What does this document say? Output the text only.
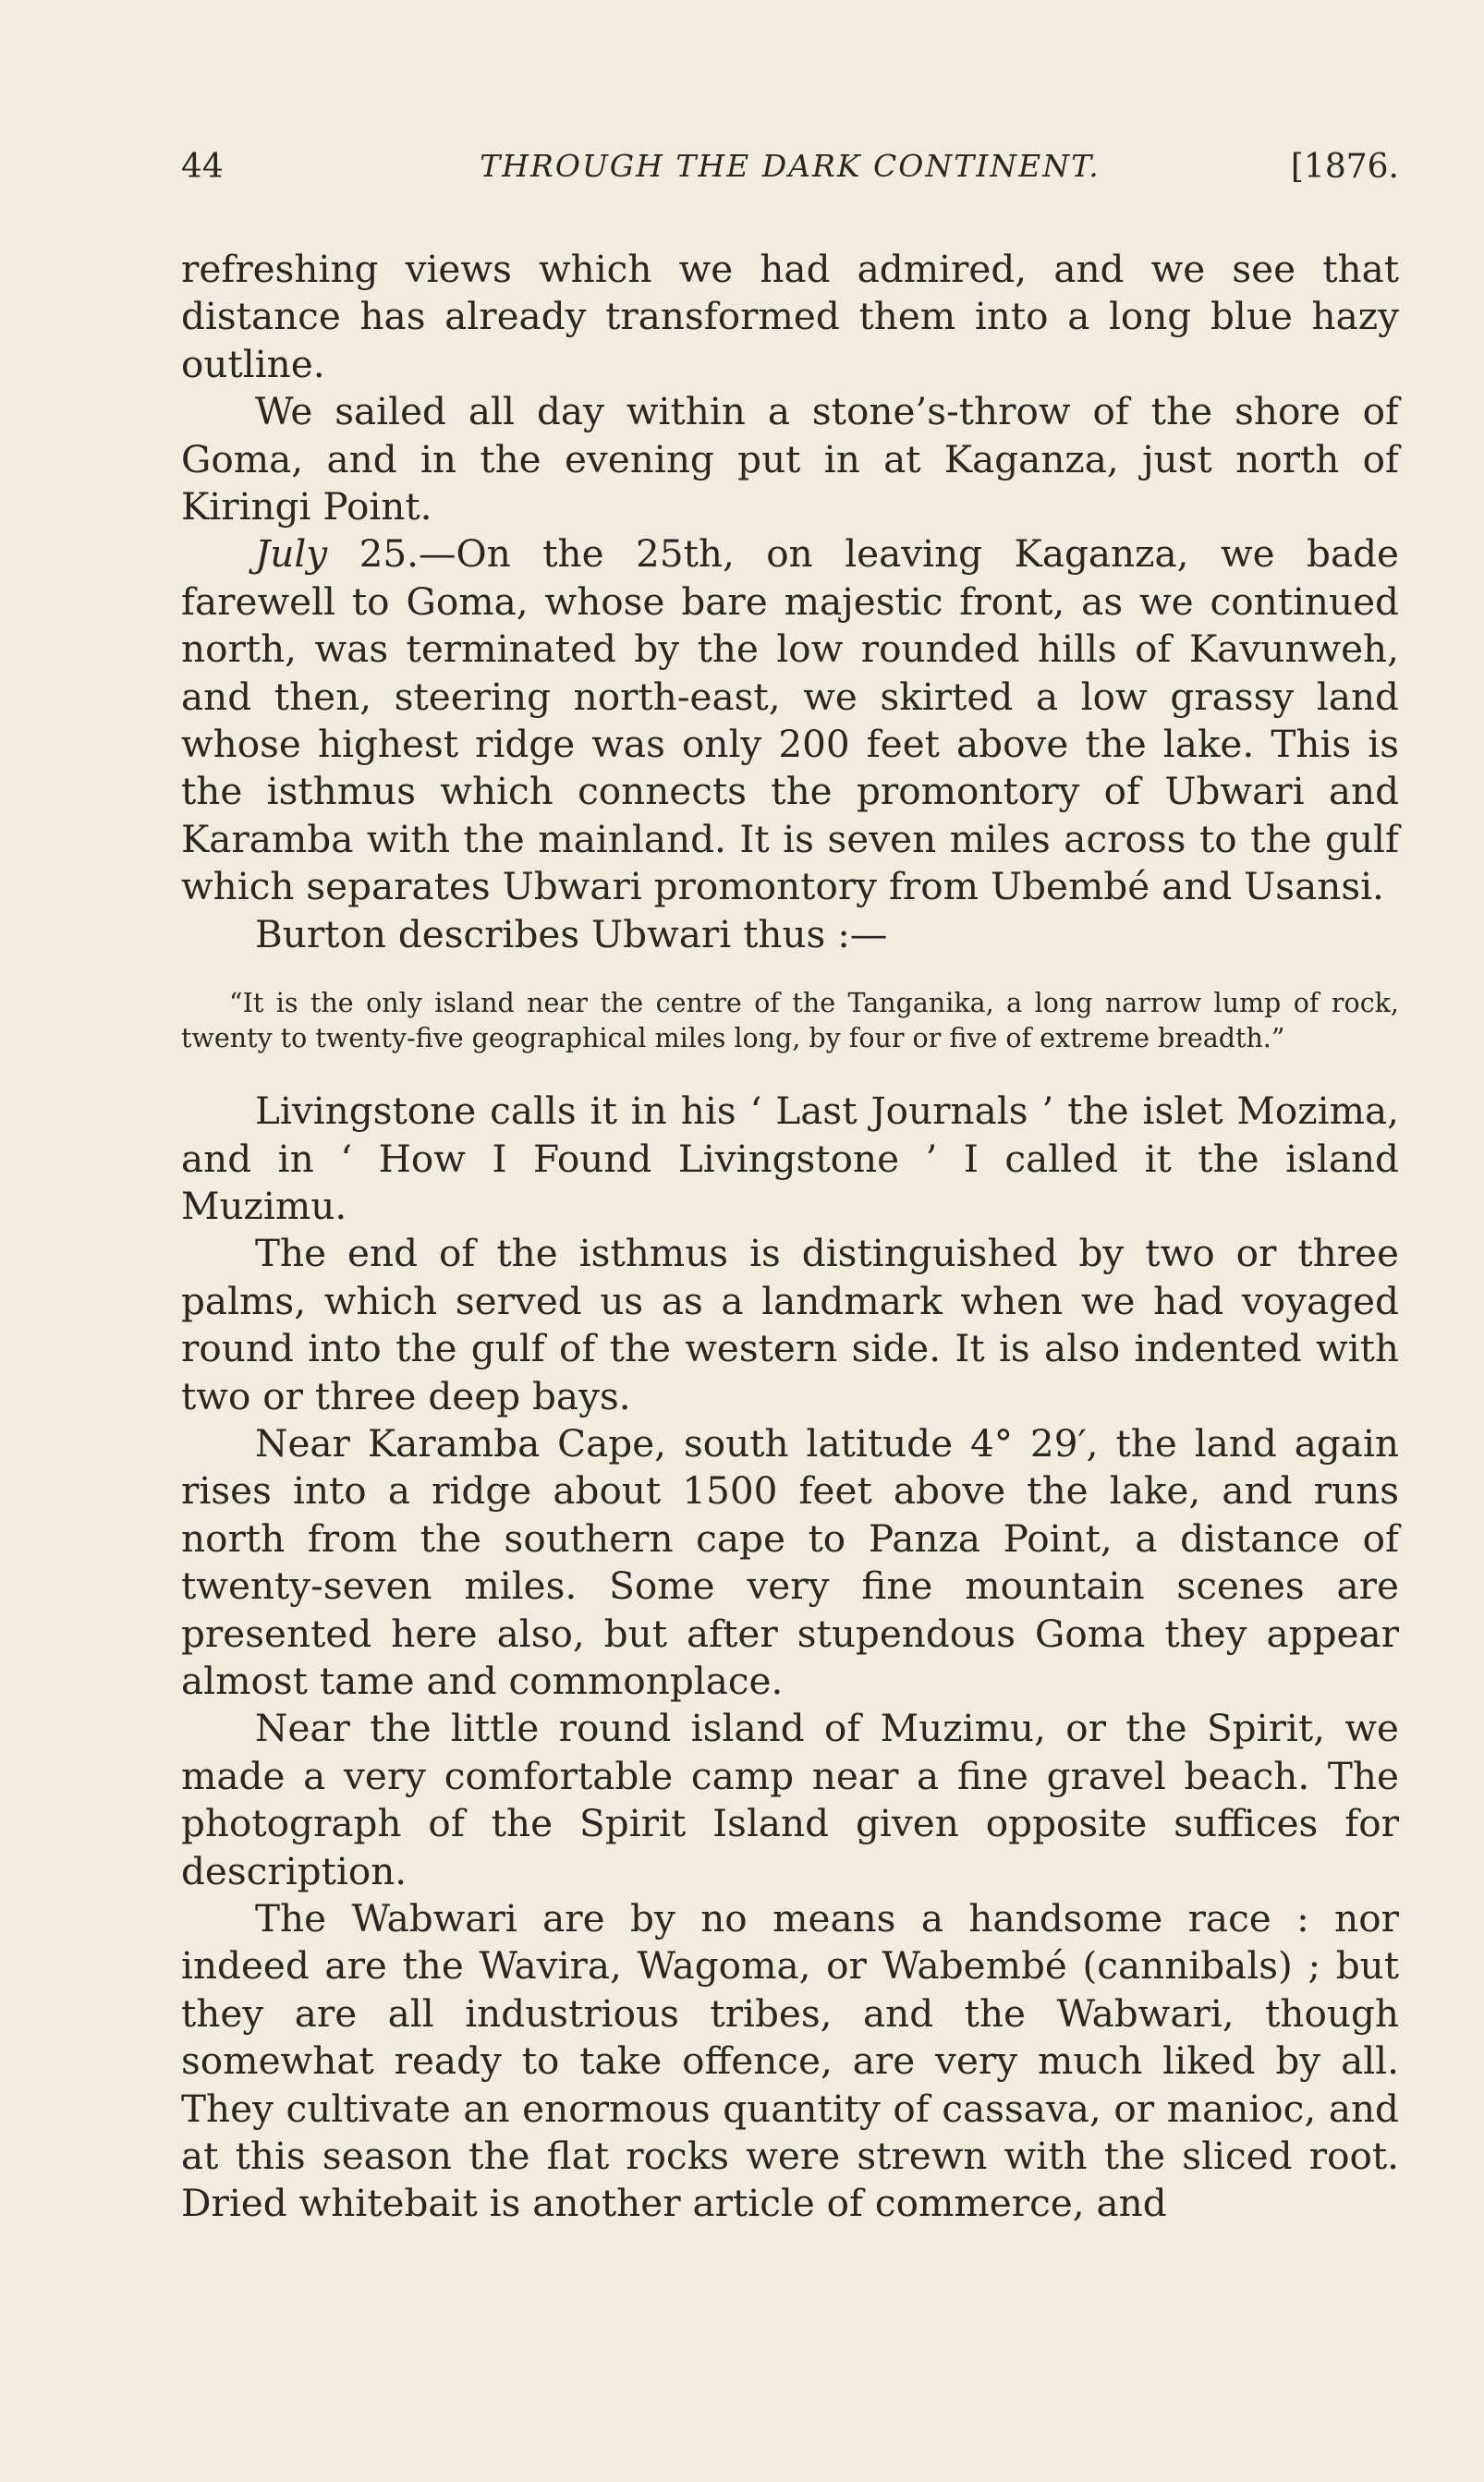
44	THROUGH THE DARK CONTINENT.	[1876.

refreshing views which we had admired, and we see that distance has already transformed them into a long blue hazy outline.

We sailed all day within a stone’s-throw of the shore of Goma, and in the evening put in at Kaganza, just north of Kiringi Point.

July 25.—On the 25th, on leaving Kaganza, we bade farewell to Goma, whose bare majestic front, as we continued north, was terminated by the low rounded hills of Kavunweh, and then, steering north-east, we skirted a low grassy land whose highest ridge was only 200 feet above the lake. This is the isthmus which connects the promontory of Ubwari and Karamba with the mainland. It is seven miles across to the gulf which separates Ubwari promontory from Ubembé and Usansi.

Burton describes Ubwari thus :—

“It is the only island near the centre of the Tanganika, a long narrow lump of rock, twenty to twenty-five geographical miles long, by four or five of extreme breadth.”

Livingstone calls it in his ‘ Last Journals ’ the islet Mozima, and in ‘ How I Found Livingstone ’ I called it the island Muzimu.

The end of the isthmus is distinguished by two or three palms, which served us as a landmark when we had voyaged round into the gulf of the western side. It is also indented with two or three deep bays.

Near Karamba Cape, south latitude 4° 29′, the land again rises into a ridge about 1500 feet above the lake, and runs north from the southern cape to Panza Point, a distance of twenty-seven miles. Some very fine mountain scenes are presented here also, but after stupendous Goma they appear almost tame and commonplace.

Near the little round island of Muzimu, or the Spirit, we made a very comfortable camp near a fine gravel beach. The photograph of the Spirit Island given opposite suffices for description.

The Wabwari are by no means a handsome race : nor indeed are the Wavira, Wagoma, or Wabembé (cannibals) ; but they are all industrious tribes, and the Wabwari, though somewhat ready to take offence, are very much liked by all. They cultivate an enormous quantity of cassava, or manioc, and at this season the flat rocks were strewn with the sliced root. Dried whitebait is another article of commerce, and
